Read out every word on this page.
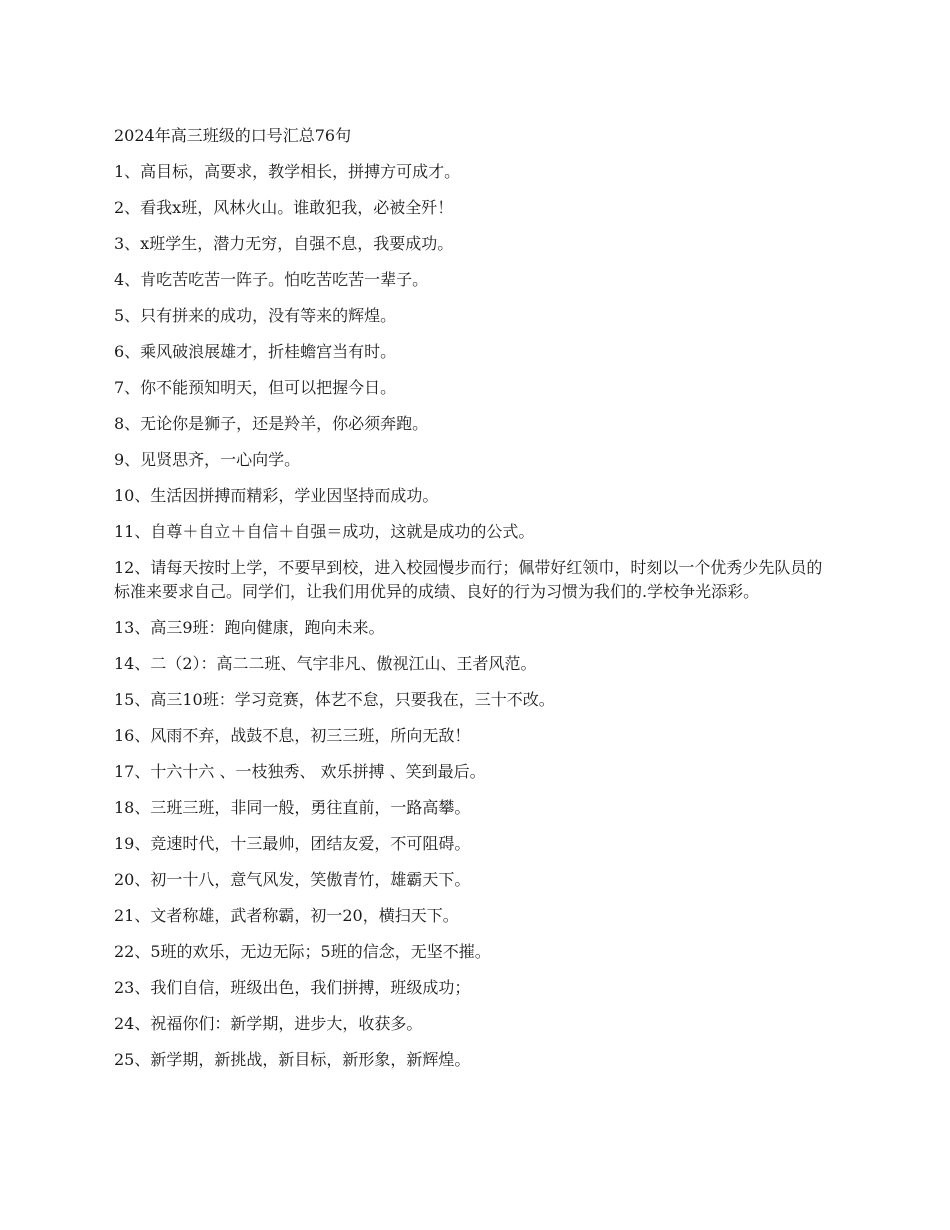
2024年高三班级的口号汇总76句
1、高目标，高要求，教学相长，拼搏方可成才。
2、看我x班，风林火山。谁敢犯我，必被全歼！
3、x班学生，潜力无穷，自强不息，我要成功。
4、肯吃苦吃苦一阵子。怕吃苦吃苦一辈子。
5、只有拼来的成功，没有等来的辉煌。
6、乘风破浪展雄才，折桂蟾宫当有时。
7、你不能预知明天，但可以把握今日。
8、无论你是狮子，还是羚羊，你必须奔跑。
9、见贤思齐，一心向学。
10、生活因拼搏而精彩，学业因坚持而成功。
11、自尊＋自立＋自信＋自强＝成功，这就是成功的公式。
12、请每天按时上学，不要早到校，进入校园慢步而行；佩带好红领巾，时刻以一个优秀少先队员的标准来要求自己。同学们，让我们用优异的成绩、良好的行为习惯为我们的.学校争光添彩。
13、高三9班：跑向健康，跑向未来。
14、二（2）：高二二班、气宇非凡、傲视江山、王者风范。
15、高三10班：学习竞赛，体艺不怠，只要我在，三十不改。
16、风雨不弃，战鼓不息，初三三班，所向无敌！
17、十六十六 、一枝独秀、 欢乐拼搏 、笑到最后。
18、三班三班，非同一般，勇往直前，一路高攀。
19、竞速时代，十三最帅，团结友爱，不可阻碍。
20、初一十八，意气风发，笑傲青竹，雄霸天下。
21、文者称雄，武者称霸，初一20，横扫天下。
22、5班的欢乐，无边无际；5班的信念，无坚不摧。
23、我们自信，班级出色，我们拼搏，班级成功；
24、祝福你们：新学期，进步大，收获多。
25、新学期，新挑战，新目标，新形象，新辉煌。
